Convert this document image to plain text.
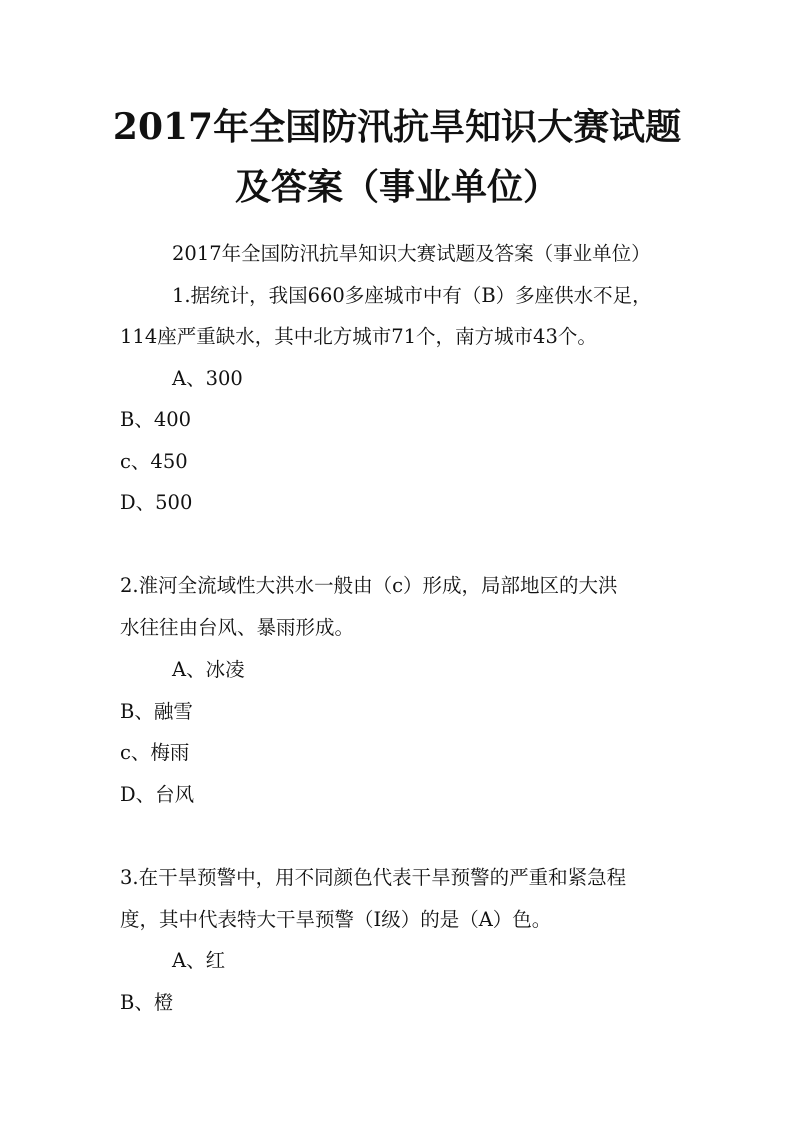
2017年全国防汛抗旱知识大赛试题
及答案（事业单位）
2017年全国防汛抗旱知识大赛试题及答案（事业单位）
1.据统计，我国660多座城市中有（B）多座供水不足，
114座严重缺水，其中北方城市71个，南方城市43个。
A、300
B、400
c、450
D、500
2.淮河全流域性大洪水一般由（c）形成，局部地区的大洪
水往往由台风、暴雨形成。
A、冰凌
B、融雪
c、梅雨
D、台风
3.在干旱预警中，用不同颜色代表干旱预警的严重和紧急程
度，其中代表特大干旱预警（Ⅰ级）的是（A）色。
A、红
B、橙
